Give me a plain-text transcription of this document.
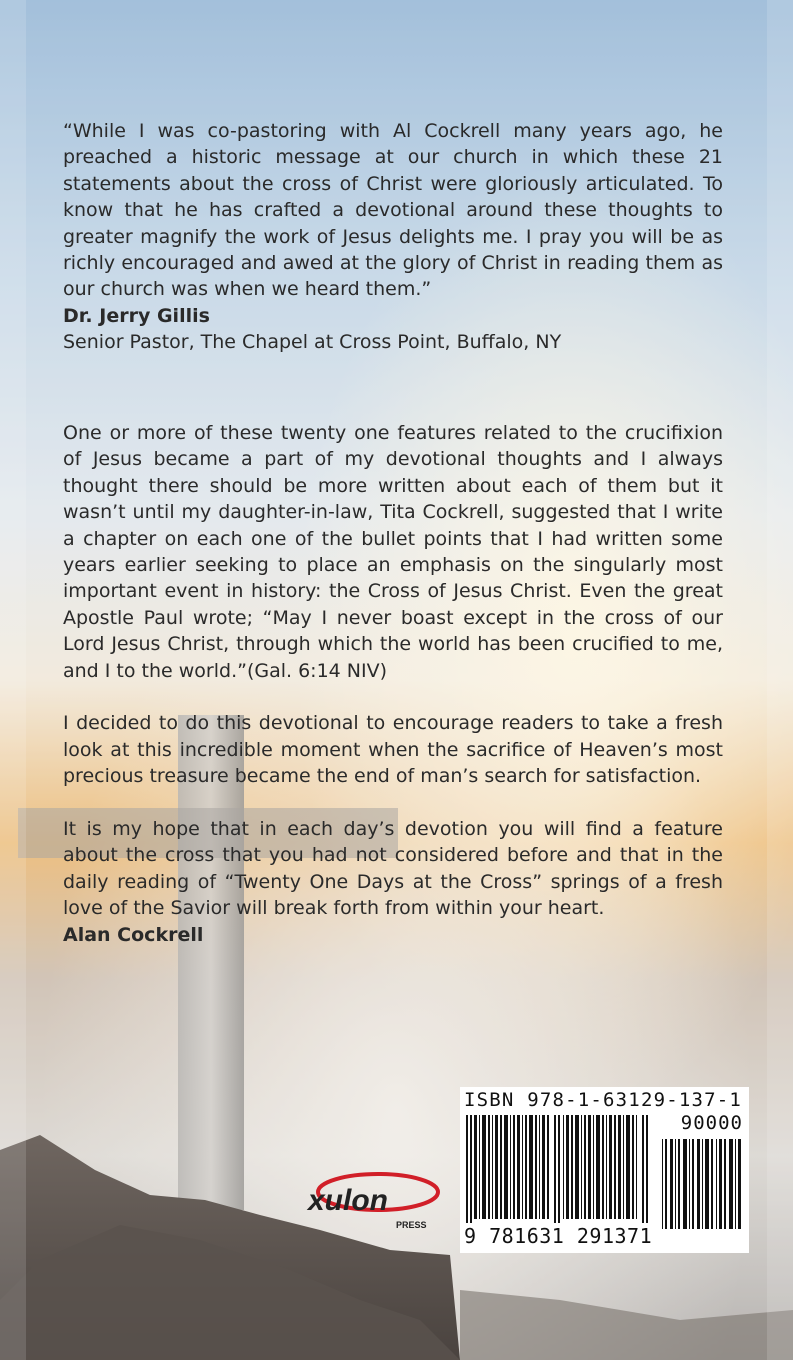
“While I was co-pastoring with Al Cockrell many years ago, he preached a historic message at our church in which these 21 statements about the cross of Christ were gloriously articulated. To know that he has crafted a devotional around these thoughts to greater magnify the work of Jesus delights me. I pray you will be as richly encouraged and awed at the glory of Christ in reading them as our church was when we heard them.”

Dr. Jerry Gillis

Senior Pastor, The Chapel at Cross Point, Buffalo, NY

One or more of these twenty one features related to the crucifixion of Jesus became a part of my devotional thoughts and I always thought there should be more written about each of them but it wasn’t until my daughter-in-law, Tita Cockrell, suggested that I write a chapter on each one of the bullet points that I had written some years earlier seeking to place an emphasis on the singularly most important event in history: the Cross of Jesus Christ. Even the great Apostle Paul wrote; “May I never boast except in the cross of our Lord Jesus Christ, through which the world has been crucified to me, and I to the world.”(Gal. 6:14 NIV)

I decided to do this devotional to encourage readers to take a fresh look at this incredible moment when the sacrifice of Heaven’s most precious treasure became the end of man’s search for satisfaction.

It is my hope that in each day’s devotion you will find a feature about the cross that you had not considered before and that in the daily reading of “Twenty One Days at the Cross” springs of a fresh love of the Savior will break forth from within your heart.

Alan Cockrell

xulon
PRESS
ISBN 978-1-63129-137-1
90000
9 781631 291371
